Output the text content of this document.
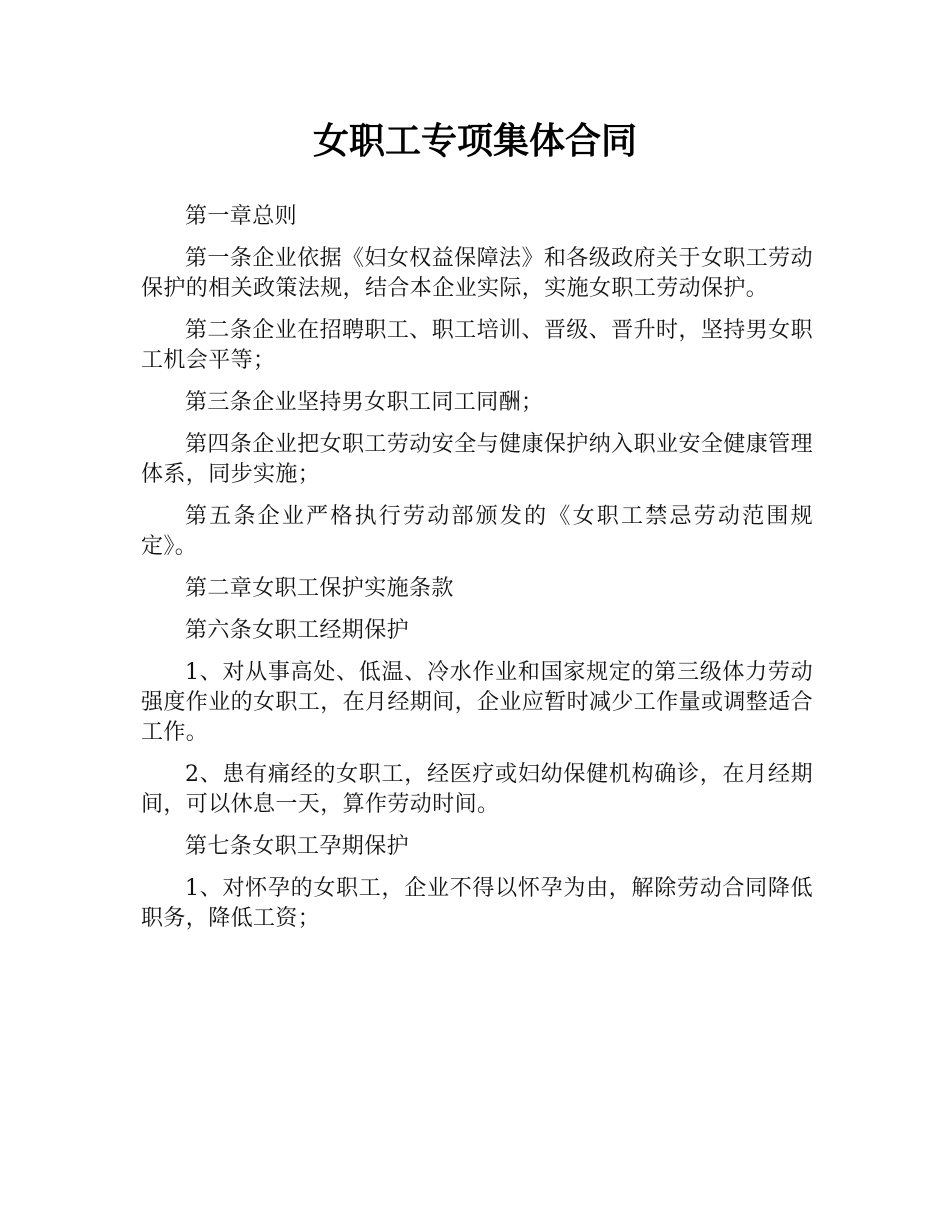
女职工专项集体合同

第一章总则

第一条企业依据《妇女权益保障法》和各级政府关于女职工劳动保护的相关政策法规，结合本企业实际，实施女职工劳动保护。

第二条企业在招聘职工、职工培训、晋级、晋升时，坚持男女职工机会平等；

第三条企业坚持男女职工同工同酬；

第四条企业把女职工劳动安全与健康保护纳入职业安全健康管理体系，同步实施；

第五条企业严格执行劳动部颁发的《女职工禁忌劳动范围规定》。

第二章女职工保护实施条款

第六条女职工经期保护

1、对从事高处、低温、冷水作业和国家规定的第三级体力劳动强度作业的女职工，在月经期间，企业应暂时减少工作量或调整适合工作。

2、患有痛经的女职工，经医疗或妇幼保健机构确诊，在月经期间，可以休息一天，算作劳动时间。

第七条女职工孕期保护

1、对怀孕的女职工，企业不得以怀孕为由，解除劳动合同降低职务，降低工资；
